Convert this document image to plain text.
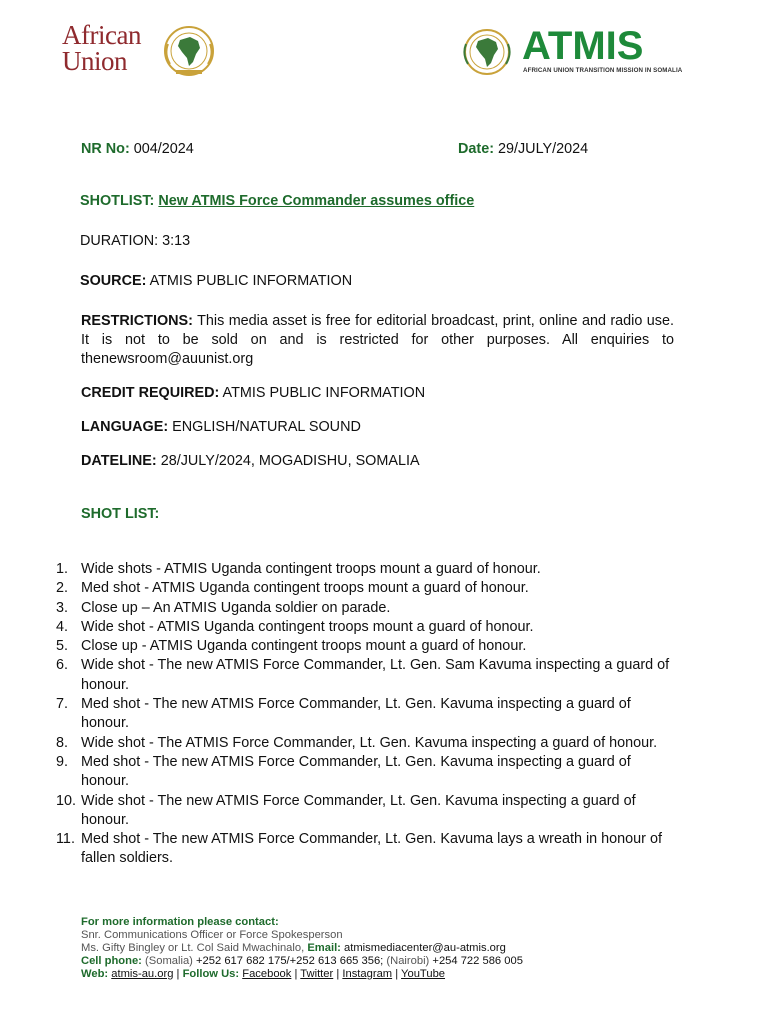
African
Union	ATMIS
AFRICAN UNION TRANSITION MISSION IN SOMALIA
NR No: 004/2024	Date: 29/JULY/2024
SHOTLIST: New ATMIS Force Commander assumes office
DURATION: 3:13
SOURCE: ATMIS PUBLIC INFORMATION
RESTRICTIONS: This media asset is free for editorial broadcast, print, online and radio use. It is not to be sold on and is restricted for other purposes. All enquiries to thenewsroom@auunist.org
CREDIT REQUIRED: ATMIS PUBLIC INFORMATION
LANGUAGE: ENGLISH/NATURAL SOUND
DATELINE: 28/JULY/2024, MOGADISHU, SOMALIA
SHOT LIST:
1. Wide shots - ATMIS Uganda contingent troops mount a guard of honour.
2. Med shot - ATMIS Uganda contingent troops mount a guard of honour.
3. Close up – An ATMIS Uganda soldier on parade.
4. Wide shot - ATMIS Uganda contingent troops mount a guard of honour.
5. Close up - ATMIS Uganda contingent troops mount a guard of honour.
6. Wide shot - The new ATMIS Force Commander, Lt. Gen. Sam Kavuma inspecting a guard of honour.
7. Med shot - The new ATMIS Force Commander, Lt. Gen. Kavuma inspecting a guard of honour.
8. Wide shot - The ATMIS Force Commander, Lt. Gen. Kavuma inspecting a guard of honour.
9. Med shot - The new ATMIS Force Commander, Lt. Gen. Kavuma inspecting a guard of honour.
10. Wide shot - The new ATMIS Force Commander, Lt. Gen. Kavuma inspecting a guard of honour.
11. Med shot - The new ATMIS Force Commander, Lt. Gen. Kavuma lays a wreath in honour of fallen soldiers.
For more information please contact:
Snr. Communications Officer or Force Spokesperson
Ms. Gifty Bingley or Lt. Col Said Mwachinalo, Email: atmismediacenter@au-atmis.org
Cell phone: (Somalia) +252 617 682 175/+252 613 665 356; (Nairobi) +254 722 586 005
Web: atmis-au.org | Follow Us: Facebook | Twitter | Instagram | YouTube
